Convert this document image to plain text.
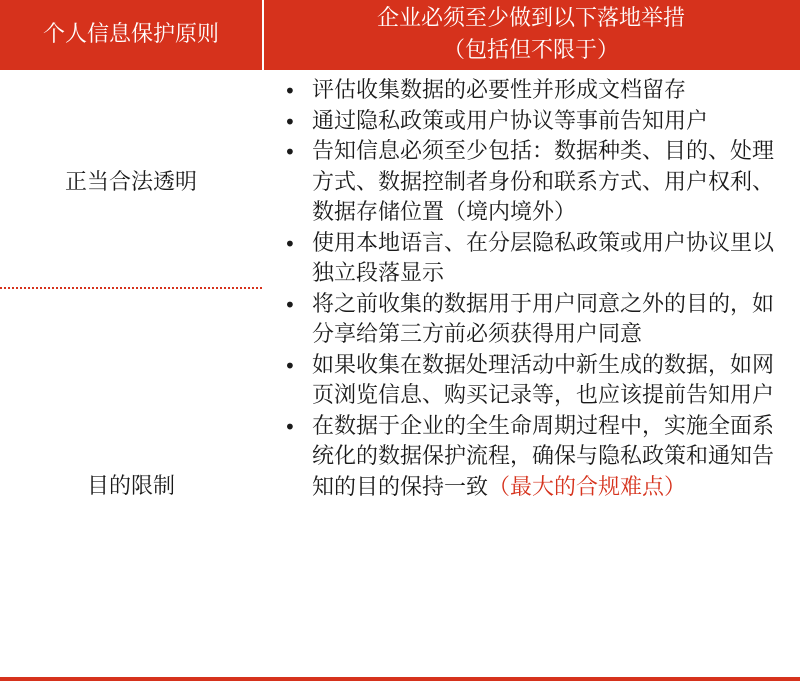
个人信息保护原则
企业必须至少做到以下落地举措
（包括但不限于）
正当合法透明
目的限制
• 评估收集数据的必要性并形成文档留存
• 通过隐私政策或用户协议等事前告知用户
• 告知信息必须至少包括：数据种类、目的、处理方式、数据控制者身份和联系方式、用户权利、数据存储位置（境内境外）
• 使用本地语言、在分层隐私政策或用户协议里以独立段落显示
• 将之前收集的数据用于用户同意之外的目的，如分享给第三方前必须获得用户同意
• 如果收集在数据处理活动中新生成的数据，如网页浏览信息、购买记录等，也应该提前告知用户
• 在数据于企业的全生命周期过程中，实施全面系统化的数据保护流程，确保与隐私政策和通知告知的目的保持一致（最大的合规难点）
